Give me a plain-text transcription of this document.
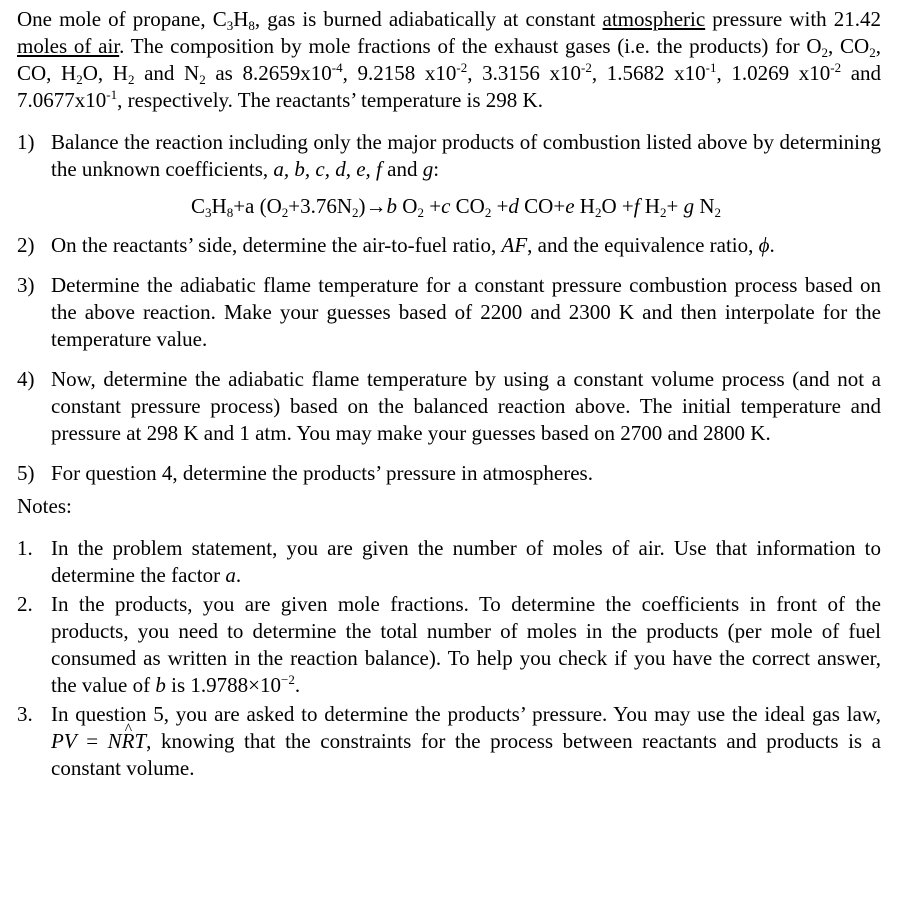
One mole of propane, $C_3H_8$, gas is burned adiabatically at constant atmospheric pressure with 21.42 moles of air. The composition by mole fractions of the exhaust gases (i.e. the products) for $O_2$, $CO_2$, CO, $H_2O$, $H_2$ and $N_2$ as $8.2659x10^{-4}$, 9.2158 $x10^{-2}$, 3.3156 $x10^{-2}$, 1.5682 $x10^{-1}$, 1.0269 $x10^{-2}$ and $7.0677x10^{-1}$, respectively. The reactants’ temperature is 298 K.

1) Balance the reaction including only the major products of combustion listed above by determining the unknown coefficients, a, b, c, d, e, f and g:

$C_3H_8+a$ $(O_2+3.76N_2)\to b$ $O_2 +c$ $CO_2 +d$ CO+e $H_2O +f$ $H_2+ g$ $N_2$

2) On the reactants’ side, determine the air-to-fuel ratio, AF, and the equivalence ratio, ϕ.
3) Determine the adiabatic flame temperature for a constant pressure combustion process based on the above reaction. Make your guesses based of 2200 and 2300 K and then interpolate for the temperature value.
4) Now, determine the adiabatic flame temperature by using a constant volume process (and not a constant pressure process) based on the balanced reaction above. The initial temperature and pressure at 298 K and 1 atm. You may make your guesses based on 2700 and 2800 K.
5) For question 4, determine the products’ pressure in atmospheres.

Notes:

1. In the problem statement, you are given the number of moles of air. Use that information to determine the factor a.
2. In the products, you are given mole fractions. To determine the coefficients in front of the products, you need to determine the total number of moles in the products (per mole of fuel consumed as written in the reaction balance). To help you check if you have the correct answer, the value of b is $1.9788\times 10^{-2}$.
3. In question 5, you are asked to determine the products’ pressure. You may use the ideal gas law, PV = N^ RT, knowing that the constraints for the process between reactants and products is a constant volume.
